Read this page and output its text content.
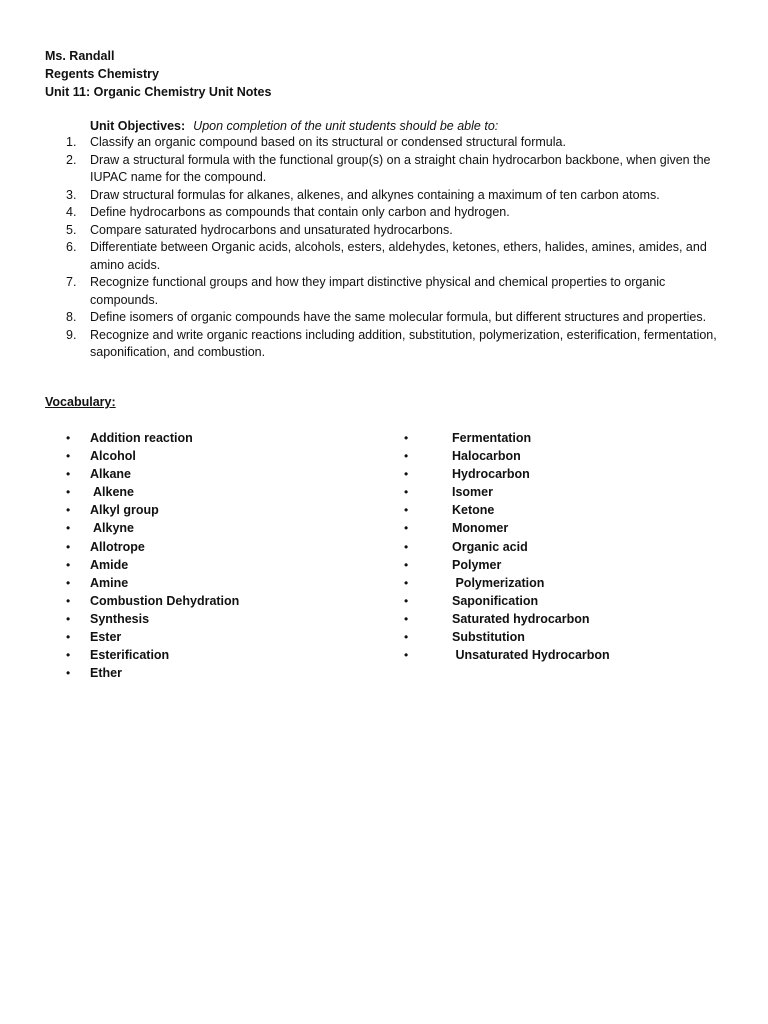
Ms. Randall
Regents Chemistry
Unit 11: Organic Chemistry Unit Notes
Unit Objectives: Upon completion of the unit students should be able to:
1.	Classify an organic compound based on its structural or condensed structural formula.
2.	Draw a structural formula with the functional group(s) on a straight chain hydrocarbon backbone, when given the IUPAC name for the compound.
3.	Draw structural formulas for alkanes, alkenes, and alkynes containing a maximum of ten carbon atoms.
4.	Define hydrocarbons as compounds that contain only carbon and hydrogen.
5.	Compare saturated hydrocarbons and unsaturated hydrocarbons.
6.	Differentiate between Organic acids, alcohols, esters, aldehydes, ketones, ethers, halides, amines, amides, and amino acids.
7.	Recognize functional groups and how they impart distinctive physical and chemical properties to organic compounds.
8.	Define isomers of organic compounds have the same molecular formula, but different structures and properties.
9.	Recognize and write organic reactions including addition, substitution, polymerization, esterification, fermentation, saponification, and combustion.
Vocabulary:
• Addition reaction
• Alcohol
• Alkane
• Alkene
• Alkyl group
• Alkyne
• Allotrope
• Amide
• Amine
• Combustion Dehydration
• Synthesis
• Ester
• Esterification
• Ether
•	Fermentation
•	Halocarbon
•	Hydrocarbon
•	Isomer
•	Ketone
•	Monomer
•	Organic acid
•	Polymer
•	Polymerization
•	Saponification
•	Saturated hydrocarbon
•	Substitution
•	Unsaturated Hydrocarbon
